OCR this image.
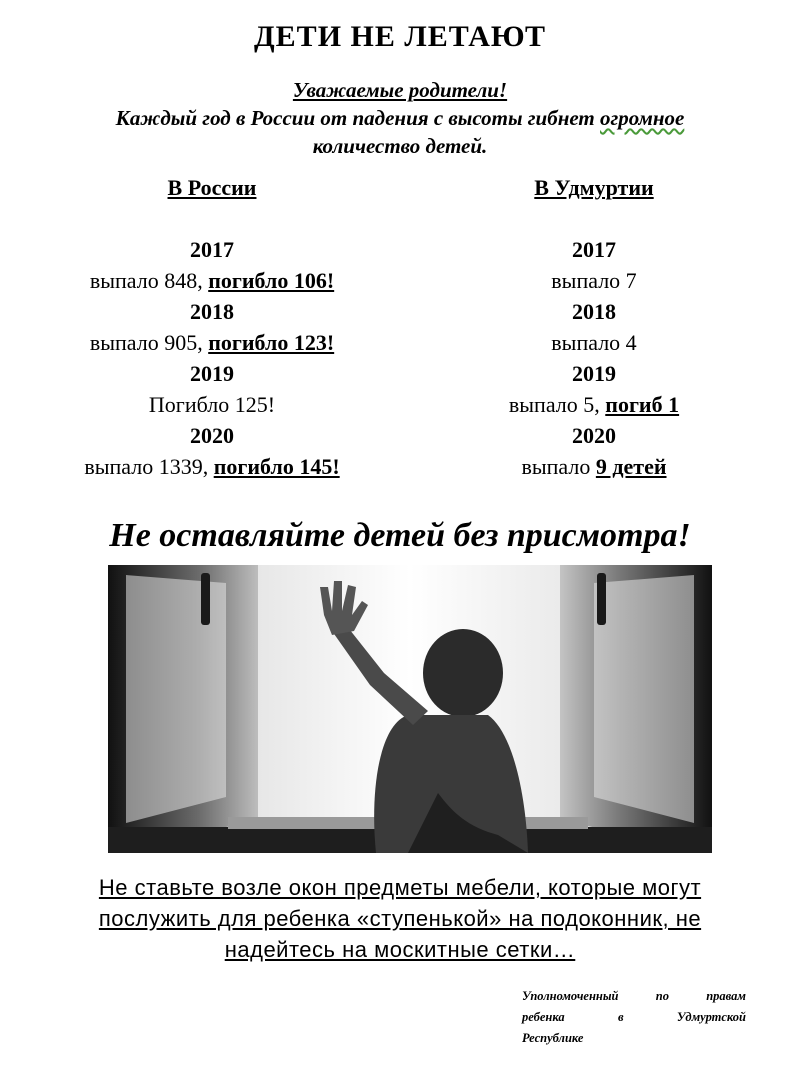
ДЕТИ НЕ ЛЕТАЮТ
Уважаемые родители!
Каждый год в России от падения с высоты гибнет огромное
количество детей.
В России
2017
выпало 848, погибло 106!
2018
выпало 905, погибло 123!
2019
Погибло 125!
2020
выпало 1339, погибло 145!
В Удмуртии
2017
выпало 7
2018
выпало 4
2019
выпало 5, погиб 1
2020
выпало 9 детей
Не оставляйте детей без присмотра!
Не ставьте возле окон предметы мебели, которые могут
послужить для ребенка «ступенькой» на подоконник, не
надейтесь на москитные сетки…
Уполномоченный по правам
ребенка в Удмуртской
Республике
